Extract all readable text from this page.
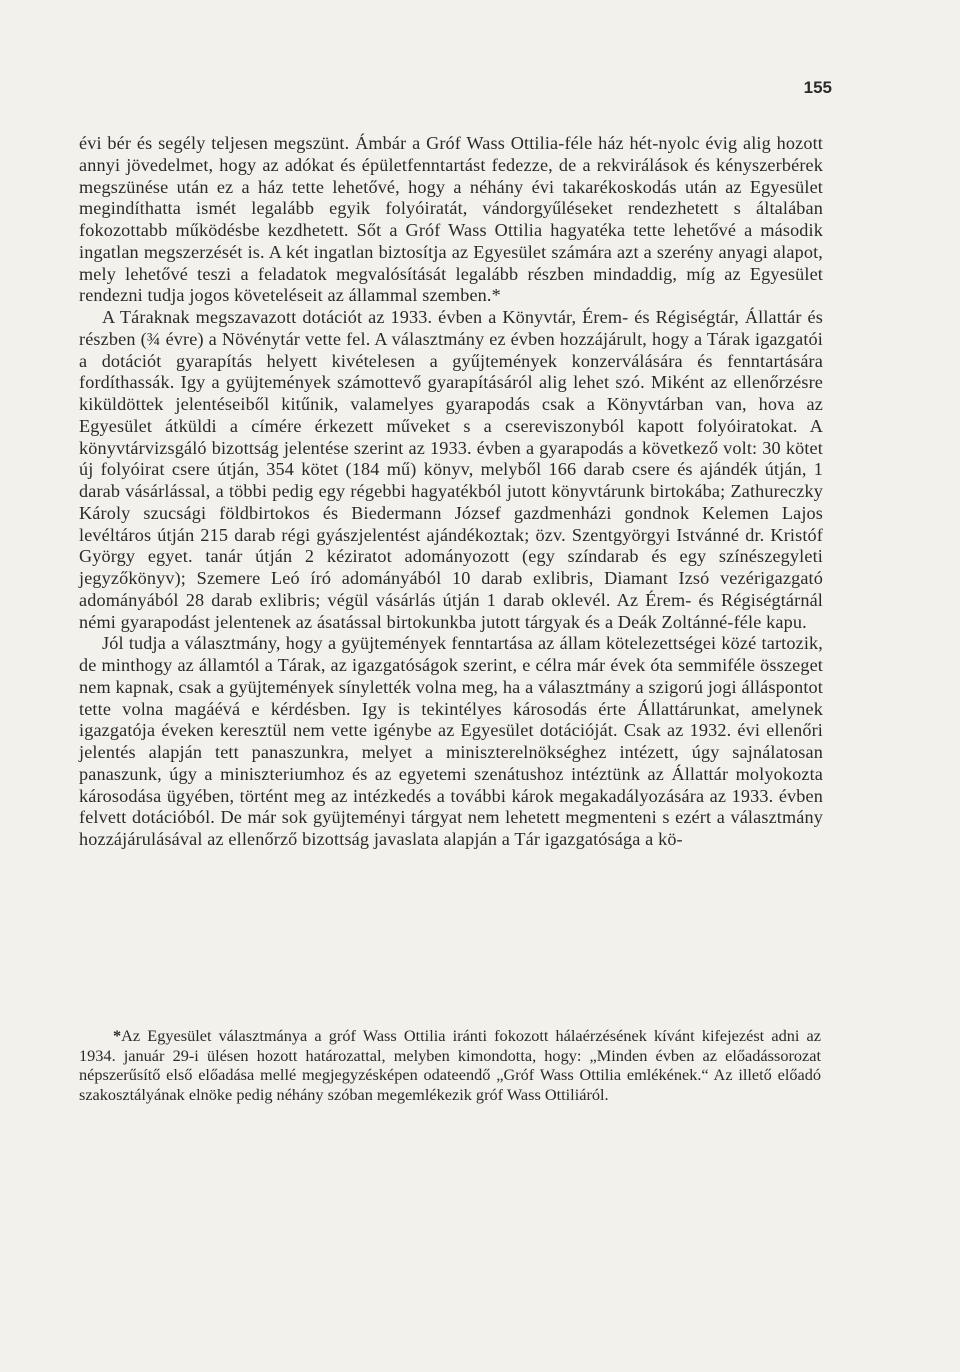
155

évi bér és segély teljesen megszünt. Ámbár a Gróf Wass Ottilia-féle ház hét-nyolc évig alig hozott annyi jövedelmet, hogy az adókat és épületfenntartást fedezze, de a rekvirálások és kényszerbérek megszünése után ez a ház tette lehetővé, hogy a néhány évi takarékoskodás után az Egyesület megindíthatta ismét legalább egyik folyóiratát, vándorgyűléseket rendezhetett s általában fokozottabb működésbe kezdhetett. Sőt a Gróf Wass Ottilia hagyatéka tette lehetővé a második ingatlan megszerzését is. A két ingatlan biztosítja az Egyesület számára azt a szerény anyagi alapot, mely lehetővé teszi a feladatok megvalósítását legalább részben mindaddig, míg az Egyesület rendezni tudja jogos követeléseit az állammal szemben.*

A Táraknak megszavazott dotációt az 1933. évben a Könyvtár, Érem- és Régiségtár, Állattár és részben (¾ évre) a Növénytár vette fel. A választmány ez évben hozzájárult, hogy a Tárak igazgatói a dotációt gyarapítás helyett kivételesen a gyűjtemények konzerválására és fenntartására fordíthassák. Igy a gyüjtemények számottevő gyarapításáról alig lehet szó. Miként az ellenőrzésre kiküldöttek jelentéseiből kitűnik, valamelyes gyarapodás csak a Könyvtárban van, hova az Egyesület átküldi a címére érkezett műveket s a csereviszonyból kapott folyóiratokat. A könyvtárvizsgáló bizottság jelentése szerint az 1933. évben a gyarapodás a következő volt: 30 kötet új folyóirat csere útján, 354 kötet (184 mű) könyv, melyből 166 darab csere és ajándék útján, 1 darab vásárlással, a többi pedig egy régebbi hagyatékból jutott könyvtárunk birtokába; Zathureczky Károly szucsági földbirtokos és Biedermann József gazdmenházi gondnok Kelemen Lajos levéltáros útján 215 darab régi gyászjelentést ajándékoztak; özv. Szentgyörgyi Istvánné dr. Kristóf György egyet. tanár útján 2 kéziratot adományozott (egy színdarab és egy színészegyleti jegyzőkönyv); Szemere Leó író adományából 10 darab exlibris, Diamant Izsó vezérigazgató adományából 28 darab exlibris; végül vásárlás útján 1 darab oklevél. Az Érem- és Régiségtárnál némi gyarapodást jelentenek az ásatással birtokunkba jutott tárgyak és a Deák Zoltánné-féle kapu.

Jól tudja a választmány, hogy a gyüjtemények fenntartása az állam kötelezettségei közé tartozik, de minthogy az államtól a Tárak, az igazgatóságok szerint, e célra már évek óta semmiféle összeget nem kapnak, csak a gyüjtemények sínylették volna meg, ha a választmány a szigorú jogi álláspontot tette volna magáévá e kérdésben. Igy is tekintélyes károsodás érte Állattárunkat, amelynek igazgatója éveken keresztül nem vette igénybe az Egyesület dotációját. Csak az 1932. évi ellenőri jelentés alapján tett panaszunkra, melyet a miniszterelnökséghez intézett, úgy sajnálatosan panaszunk, úgy a miniszteriumhoz és az egyetemi szenátushoz intéztünk az Állattár molyokozta károsodása ügyében, történt meg az intézkedés a további károk megakadályozására az 1933. évben felvett dotációból. De már sok gyüjteményi tárgyat nem lehetett megmenteni s ezért a választmány hozzájárulásával az ellenőrző bizottság javaslata alapján a Tár igazgatósága a kö-

*Az Egyesület választmánya a gróf Wass Ottilia iránti fokozott hálaérzésének kívánt kifejezést adni az 1934. január 29-i ülésen hozott határozattal, melyben kimondotta, hogy: „Minden évben az előadássorozat népszerűsítő első előadása mellé megjegyzésképen odateendő „Gróf Wass Ottilia emlékének.“ Az illető előadó szakosztályának elnöke pedig néhány szóban megemlékezik gróf Wass Ottiliáról.
